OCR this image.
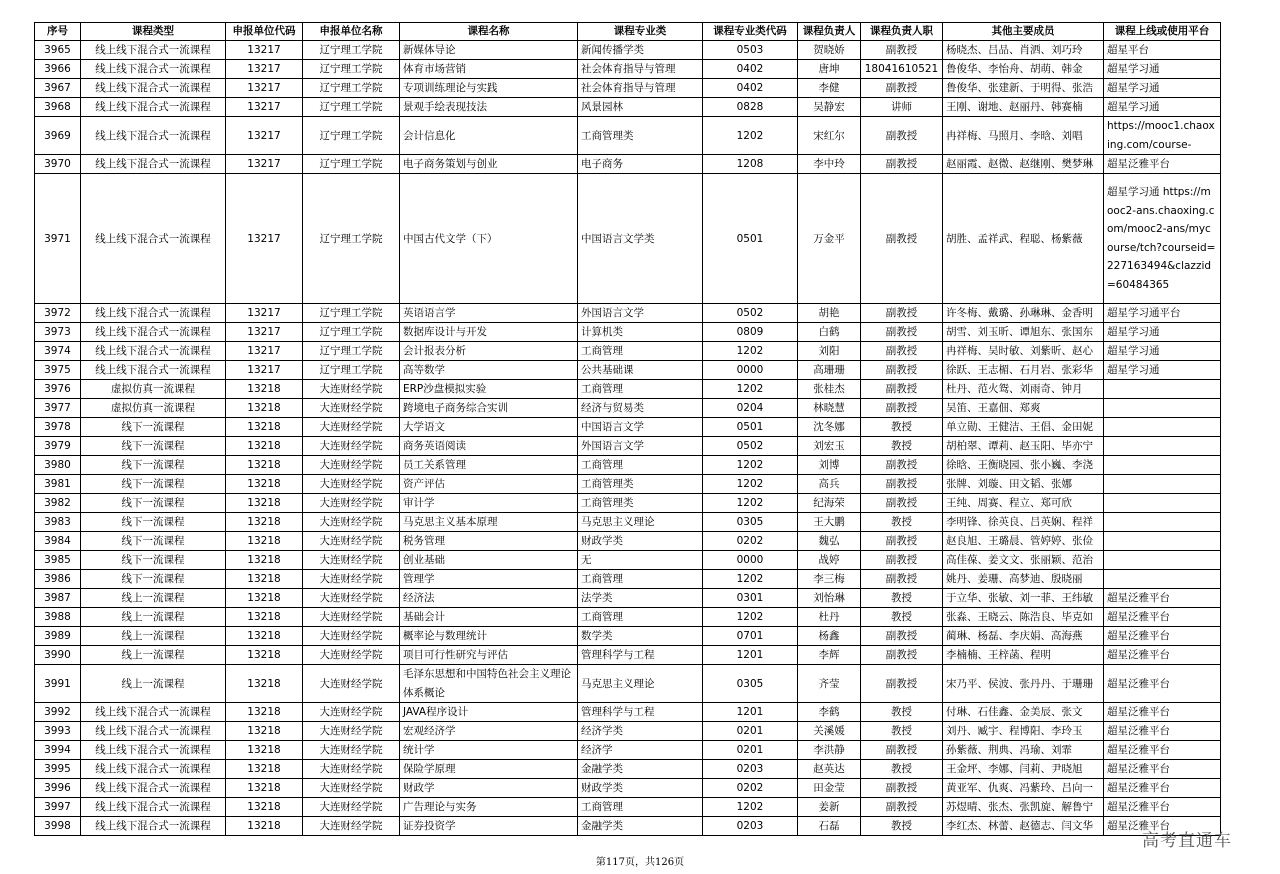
序号	课程类型	申报单位代码	申报单位名称	课程名称	课程专业类	课程专业类代码	课程负责人	课程负责人职	其他主要成员	课程上线或使用平台
3965	线上线下混合式一流课程	13217	辽宁理工学院	新媒体导论	新闻传播学类	0503	贺晓娇	副教授	杨晓杰、吕品、肖洒、刘巧玲	超星平台
3966	线上线下混合式一流课程	13217	辽宁理工学院	体育市场营销	社会体育指导与管理	0402	唐坤	18041610521	鲁俊华、李怡舟、胡萌、韩金	超星学习通
3967	线上线下混合式一流课程	13217	辽宁理工学院	专项训练理论与实践	社会体育指导与管理	0402	李健	副教授	鲁俊华、张建新、于明得、张浩	超星学习通
3968	线上线下混合式一流课程	13217	辽宁理工学院	景观手绘表现技法	风景园林	0828	吴静宏	讲师	王刚、谢地、赵丽丹、韩赛楠	超星学习通
3969	线上线下混合式一流课程	13217	辽宁理工学院	会计信息化	工商管理类	1202	宋红尔	副教授	冉祥梅、马照月、李晗、刘唱	https://mooc1.chaoxing.com/course-
3970	线上线下混合式一流课程	13217	辽宁理工学院	电子商务策划与创业	电子商务	1208	李中玲	副教授	赵丽霞、赵微、赵继刚、樊梦琳	超星泛雅平台
3971	线上线下混合式一流课程	13217	辽宁理工学院	中国古代文学（下）	中国语言文学类	0501	万金平	副教授	胡胜、孟祥武、程聪、杨紫薇	超星学习通 https://mooc2-ans.chaoxing.com/mooc2-ans/mycourse/tch?courseid=227163494&clazzid=60484365
3972	线上线下混合式一流课程	13217	辽宁理工学院	英语语言学	外国语言文学	0502	胡艳	副教授	许冬梅、戴璐、孙琳琳、金香明	超星学习通平台
3973	线上线下混合式一流课程	13217	辽宁理工学院	数据库设计与开发	计算机类	0809	白鹤	副教授	胡雪、刘玉昕、谭旭东、张国东	超星学习通
3974	线上线下混合式一流课程	13217	辽宁理工学院	会计报表分析	工商管理	1202	刘阳	副教授	冉祥梅、吴时敏、刘紫昕、赵心	超星学习通
3975	线上线下混合式一流课程	13217	辽宁理工学院	高等数学	公共基础课	0000	高珊珊	副教授	徐跃、王志楣、石月岩、张彩华	超星学习通
3976	虚拟仿真一流课程	13218	大连财经学院	ERP沙盘模拟实验	工商管理	1202	张桂杰	副教授	杜丹、范火鸳、刘雨奇、钟月	
3977	虚拟仿真一流课程	13218	大连财经学院	跨境电子商务综合实训	经济与贸易类	0204	林晓慧	副教授	吴笛、王嘉佃、郑爽	
3978	线下一流课程	13218	大连财经学院	大学语文	中国语言文学	0501	沈冬娜	教授	单立勋、王健洁、王倡、金田妮	
3979	线下一流课程	13218	大连财经学院	商务英语阅读	外国语言文学	0502	刘宏玉	教授	胡柏翠、谭莉、赵玉阳、毕亦宁	
3980	线下一流课程	13218	大连财经学院	员工关系管理	工商管理	1202	刘博	副教授	徐晗、王衡晓园、张小巍、李浇	
3981	线下一流课程	13218	大连财经学院	资产评估	工商管理类	1202	高兵	副教授	张牌、刘璇、田文韬、张娜	
3982	线下一流课程	13218	大连财经学院	审计学	工商管理类	1202	纪海荣	副教授	王纯、周赛、程立、郑可欣	
3983	线下一流课程	13218	大连财经学院	马克思主义基本原理	马克思主义理论	0305	王大鹏	教授	李明锋、徐英良、吕英娴、程祥	
3984	线下一流课程	13218	大连财经学院	税务管理	财政学类	0202	魏弘	副教授	赵良旭、王璐晨、管婷婷、张俭	
3985	线下一流课程	13218	大连财经学院	创业基础	无	0000	战婷	副教授	高佳葆、姜文文、张丽颖、范治	
3986	线下一流课程	13218	大连财经学院	管理学	工商管理	1202	李三梅	副教授	姚丹、姜珊、高梦迪、殷晓丽	
3987	线上一流课程	13218	大连财经学院	经济法	法学类	0301	刘怡琳	教授	于立华、张敏、刘一菲、王纬敏	超星泛雅平台
3988	线上一流课程	13218	大连财经学院	基础会计	工商管理	1202	杜丹	教授	张淼、王晓云、陈浩良、毕克如	超星泛雅平台
3989	线上一流课程	13218	大连财经学院	概率论与数理统计	数学类	0701	杨鑫	副教授	蔺琳、杨磊、李庆娟、高海燕	超星泛雅平台
3990	线上一流课程	13218	大连财经学院	项目可行性研究与评估	管理科学与工程	1201	李辉	副教授	李楠楠、王梓菡、程明	超星泛雅平台
3991	线上一流课程	13218	大连财经学院	毛泽东思想和中国特色社会主义理论体系概论	马克思主义理论	0305	齐莹	副教授	宋乃平、侯波、张丹丹、于珊珊	超星泛雅平台
3992	线上线下混合式一流课程	13218	大连财经学院	JAVA程序设计	管理科学与工程	1201	李鹤	教授	付琳、石佳鑫、金美辰、张文	超星泛雅平台
3993	线上线下混合式一流课程	13218	大连财经学院	宏观经济学	经济学类	0201	关溪媛	教授	刘丹、臧宇、程博阳、李玲玉	超星泛雅平台
3994	线上线下混合式一流课程	13218	大连财经学院	统计学	经济学	0201	李洪静	副教授	孙紫薇、荆典、冯瑜、刘霏	超星泛雅平台
3995	线上线下混合式一流课程	13218	大连财经学院	保险学原理	金融学类	0203	赵英达	教授	王金坪、李娜、闫莉、尹晓旭	超星泛雅平台
3996	线上线下混合式一流课程	13218	大连财经学院	财政学	财政学类	0202	田金莹	副教授	黄亚军、仇爽、冯紫玲、吕向一	超星泛雅平台
3997	线上线下混合式一流课程	13218	大连财经学院	广告理论与实务	工商管理	1202	姜新	副教授	苏煜晴、张杰、张凯旋、解鲁宁	超星泛雅平台
3998	线上线下混合式一流课程	13218	大连财经学院	证券投资学	金融学类	0203	石磊	教授	李红杰、林蕾、赵德志、闫文华	超星泛雅平台
第117页，共126页
高考直通车
